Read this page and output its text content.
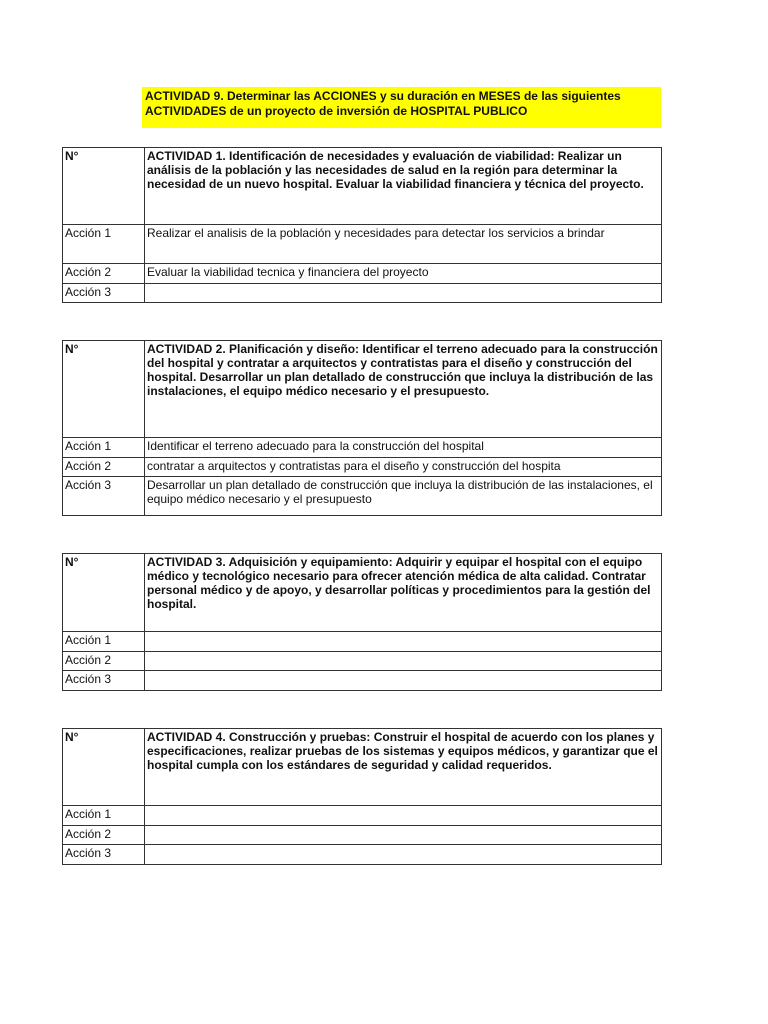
ACTIVIDAD 9. Determinar las ACCIONES y su duración en MESES de las siguientes ACTIVIDADES de un proyecto de inversión de HOSPITAL PUBLICO
N°	ACTIVIDAD 1. Identificación de necesidades y evaluación de viabilidad: Realizar un análisis de la población y las necesidades de salud en la región para determinar la necesidad de un nuevo hospital. Evaluar la viabilidad financiera y técnica del proyecto.
Acción 1	Realizar el analisis de la población y necesidades para detectar los servicios a brindar
Acción 2	Evaluar la viabilidad tecnica y financiera del proyecto
Acción 3	
N°	ACTIVIDAD 2. Planificación y diseño: Identificar el terreno adecuado para la construcción del hospital y contratar a arquitectos y contratistas para el diseño y construcción del hospital. Desarrollar un plan detallado de construcción que incluya la distribución de las instalaciones, el equipo médico necesario y el presupuesto.
Acción 1	Identificar el terreno adecuado para la construcción del hospital
Acción 2	contratar a arquitectos y contratistas para el diseño y construcción del hospita
Acción 3	Desarrollar un plan detallado de construcción que incluya la distribución de las instalaciones, el equipo médico necesario y el presupuesto
N°	ACTIVIDAD 3. Adquisición y equipamiento: Adquirir y equipar el hospital con el equipo médico y tecnológico necesario para ofrecer atención médica de alta calidad. Contratar personal médico y de apoyo, y desarrollar políticas y procedimientos para la gestión del hospital.
Acción 1	
Acción 2	
Acción 3	
N°	ACTIVIDAD 4. Construcción y pruebas: Construir el hospital de acuerdo con los planes y especificaciones, realizar pruebas de los sistemas y equipos médicos, y garantizar que el hospital cumpla con los estándares de seguridad y calidad requeridos.
Acción 1	
Acción 2	
Acción 3	
